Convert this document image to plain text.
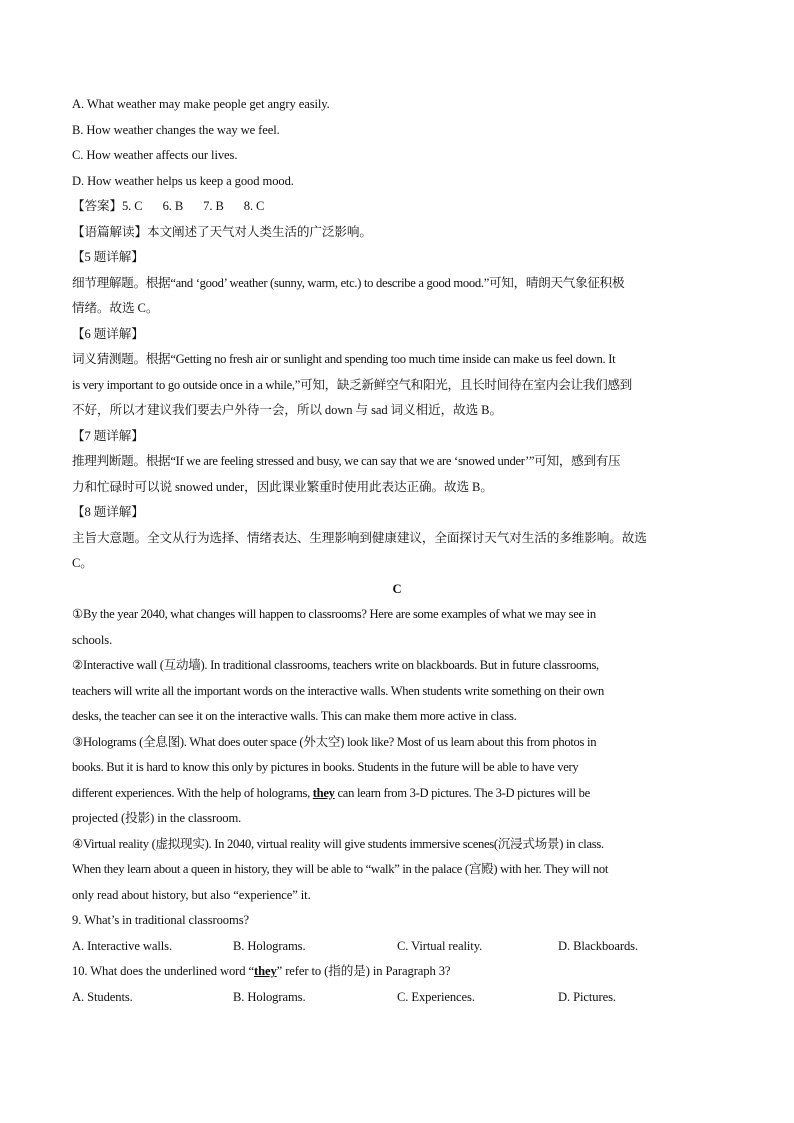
A. What weather may make people get angry easily.
B. How weather changes the way we feel.
C. How weather affects our lives.
D. How weather helps us keep a good mood.
【答案】5. C 6. B 7. B 8. C
【语篇解读】本文阐述了天气对人类生活的广泛影响。
【5 题详解】
细节理解题。根据“and ‘good’ weather (sunny, warm, etc.) to describe a good mood.”可知，晴朗天气象征积极
情绪。故选 C。
【6 题详解】
词义猜测题。根据“Getting no fresh air or sunlight and spending too much time inside can make us feel down. It
is very important to go outside once in a while,”可知，缺乏新鲜空气和阳光，且长时间待在室内会让我们感到
不好，所以才建议我们要去户外待一会，所以 down 与 sad 词义相近，故选 B。
【7 题详解】
推理判断题。根据“If we are feeling stressed and busy, we can say that we are ‘snowed under’”可知，感到有压
力和忙碌时可以说 snowed under，因此课业繁重时使用此表达正确。故选 B。
【8 题详解】
主旨大意题。全文从行为选择、情绪表达、生理影响到健康建议，全面探讨天气对生活的多维影响。故选
C。
C
①By the year 2040, what changes will happen to classrooms? Here are some examples of what we may see in
schools.
②Interactive wall (互动墙). In traditional classrooms, teachers write on blackboards. But in future classrooms,
teachers will write all the important words on the interactive walls. When students write something on their own
desks, the teacher can see it on the interactive walls. This can make them more active in class.
③Holograms (全息图). What does outer space (外太空) look like? Most of us learn about this from photos in
books. But it is hard to know this only by pictures in books. Students in the future will be able to have very
different experiences. With the help of holograms, they can learn from 3-D pictures. The 3-D pictures will be
projected (投影) in the classroom.
④Virtual reality (虚拟现实). In 2040, virtual reality will give students immersive scenes(沉浸式场景) in class.
When they learn about a queen in history, they will be able to “walk” in the palace (宫殿) with her. They will not
only read about history, but also “experience” it.
9. What’s in traditional classrooms?
A. Interactive walls.	B. Holograms.	C. Virtual reality.	D. Blackboards.
10. What does the underlined word “they” refer to (指的是) in Paragraph 3?
A. Students.	B. Holograms.	C. Experiences.	D. Pictures.
